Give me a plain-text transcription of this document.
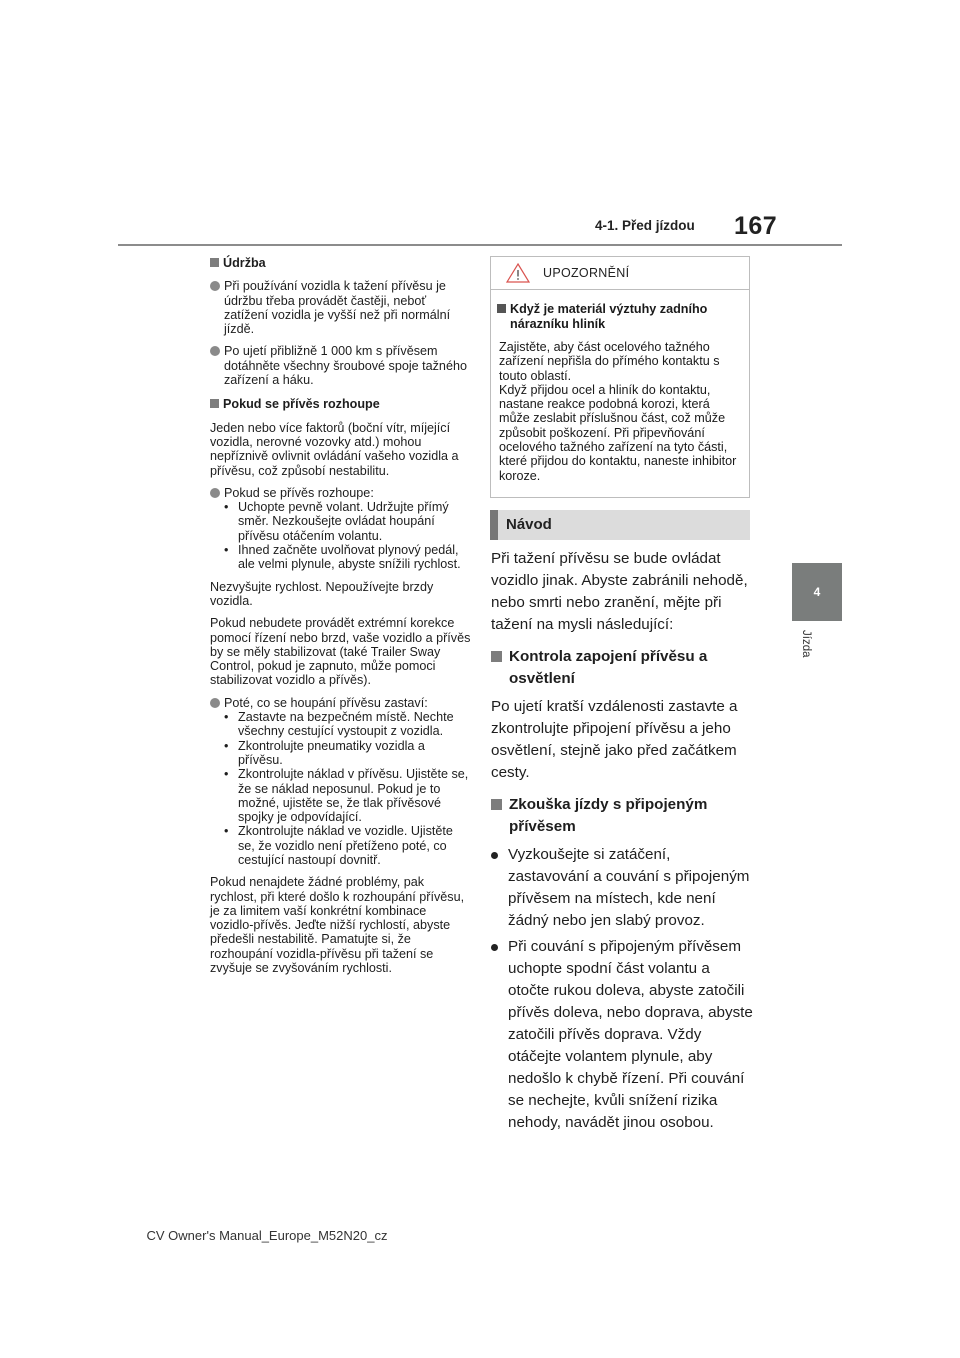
4-1. Před jízdou 167
4
Jízda
Údržba
Při používání vozidla k tažení přívěsu je údržbu třeba provádět častěji, neboť zatížení vozidla je vyšší než při normální jízdě.
Po ujetí přibližně 1 000 km s přívěsem dotáhněte všechny šroubové spoje tažného zařízení a háku.
Pokud se přívěs rozhoupe

Jeden nebo více faktorů (boční vítr, míjející vozidla, nerovné vozovky atd.) mohou nepříznivě ovlivnit ovládání vašeho vozidla a přívěsu, což způsobí nestabilitu.

Pokud se přívěs rozhoupe:
• Uchopte pevně volant. Udržujte přímý směr. Nezkoušejte ovládat houpání přívěsu otáčením volantu.
• Ihned začněte uvolňovat plynový pedál, ale velmi plynule, abyste snížili rychlost.

Nezvyšujte rychlost. Nepoužívejte brzdy vozidla.

Pokud nebudete provádět extrémní korekce pomocí řízení nebo brzd, vaše vozidlo a přívěs by se měly stabilizovat (také Trailer Sway Control, pokud je zapnuto, může pomoci stabilizovat vozidlo a přívěs).

Poté, co se houpání přívěsu zastaví:
• Zastavte na bezpečném místě. Nechte všechny cestující vystoupit z vozidla.
• Zkontrolujte pneumatiky vozidla a přívěsu.
• Zkontrolujte náklad v přívěsu. Ujistěte se, že se náklad neposunul. Pokud je to možné, ujistěte se, že tlak přívěsové spojky je odpovídající.
• Zkontrolujte náklad ve vozidle. Ujistěte se, že vozidlo není přetíženo poté, co cestující nastoupí dovnitř.

Pokud nenajdete žádné problémy, pak rychlost, při které došlo k rozhoupání přívěsu, je za limitem vaší konkrétní kombinace vozidlo-přívěs. Jeďte nižší rychlostí, abyste předešli nestabilitě. Pamatujte si, že rozhoupání vozidla-přívěsu při tažení se zvyšuje se zvyšováním rychlosti.

UPOZORNĚNÍ
Když je materiál výztuhy zadního nárazníku hliník
Zajistěte, aby část ocelového tažného zařízení nepřišla do přímého kontaktu s touto oblastí.
Když přijdou ocel a hliník do kontaktu, nastane reakce podobná korozi, která může zeslabit příslušnou část, což může způsobit poškození. Při připevňování ocelového tažného zařízení na tyto části, které přijdou do kontaktu, naneste inhibitor koroze.
Návod

Při tažení přívěsu se bude ovládat vozidlo jinak. Abyste zabránili nehodě, nebo smrti nebo zranění, mějte při tažení na mysli následující:

Kontrola zapojení přívěsu a osvětlení

Po ujetí kratší vzdálenosti zastavte a zkontrolujte připojení přívěsu a jeho osvětlení, stejně jako před začátkem cesty.

Zkouška jízdy s připojeným přívěsem
Vyzkoušejte si zatáčení, zastavování a couvání s připojeným přívěsem na místech, kde není žádný nebo jen slabý provoz.
Při couvání s připojeným přívěsem uchopte spodní část volantu a otočte rukou doleva, abyste zatočili přívěs doleva, nebo doprava, abyste zatočili přívěs doprava. Vždy otáčejte volantem plynule, aby nedošlo k chybě řízení. Při couvání se nechejte, kvůli snížení rizika nehody, navádět jinou osobou.
CV Owner's Manual_Europe_M52N20_cz
